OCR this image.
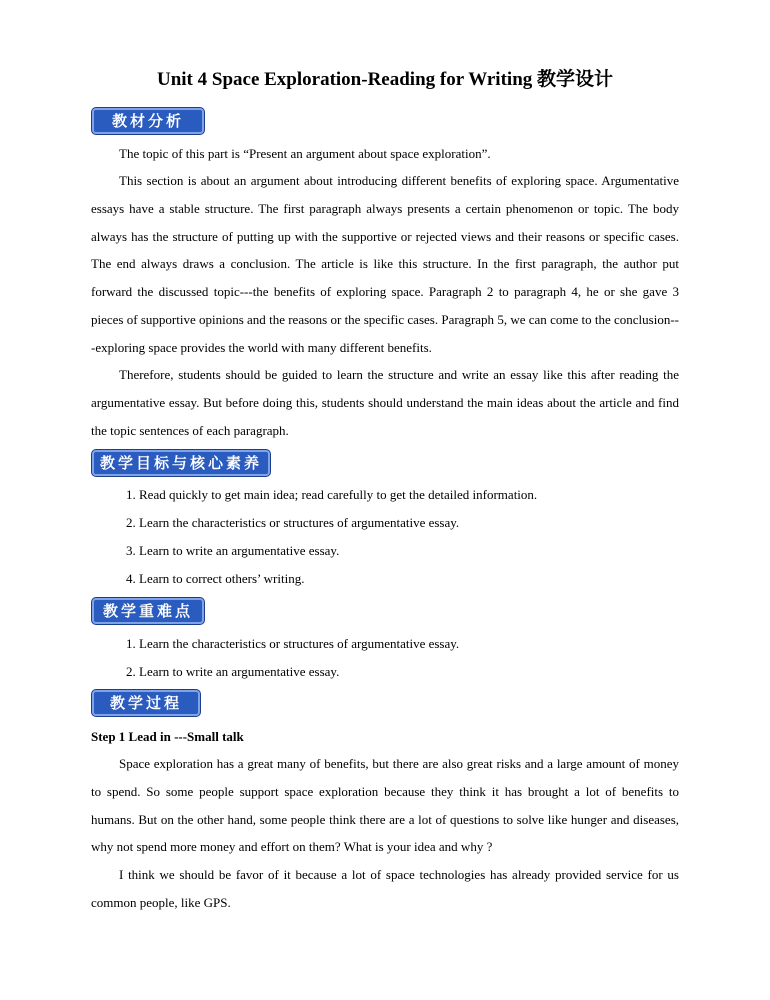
Unit 4 Space Exploration-Reading for Writing 教学设计
教材分析
The topic of this part is “Present an argument about space exploration”.
This section is about an argument about introducing different benefits of exploring space. Argumentative essays have a stable structure. The first paragraph always presents a certain phenomenon or topic. The body always has the structure of putting up with the supportive or rejected views and their reasons or specific cases. The end always draws a conclusion. The article is like this structure. In the first paragraph, the author put forward the discussed topic---the benefits of exploring space. Paragraph 2 to paragraph 4, he or she gave 3 pieces of supportive opinions and the reasons or the specific cases. Paragraph 5, we can come to the conclusion---exploring space provides the world with many different benefits.
Therefore, students should be guided to learn the structure and write an essay like this after reading the argumentative essay. But before doing this, students should understand the main ideas about the article and find the topic sentences of each paragraph.
教学目标与核心素养
1. Read quickly to get main idea; read carefully to get the detailed information.
2. Learn the characteristics or structures of argumentative essay.
3. Learn to write an argumentative essay.
4. Learn to correct others’ writing.
教学重难点
1. Learn the characteristics or structures of argumentative essay.
2. Learn to write an argumentative essay.
教学过程
Step 1 Lead in ---Small talk
Space exploration has a great many of benefits, but there are also great risks and a large amount of money to spend. So some people support space exploration because they think it has brought a lot of benefits to humans. But on the other hand, some people think there are a lot of questions to solve like hunger and diseases, why not spend more money and effort on them? What is your idea and why ?
I think we should be favor of it because a lot of space technologies has already provided service for us common people, like GPS.
